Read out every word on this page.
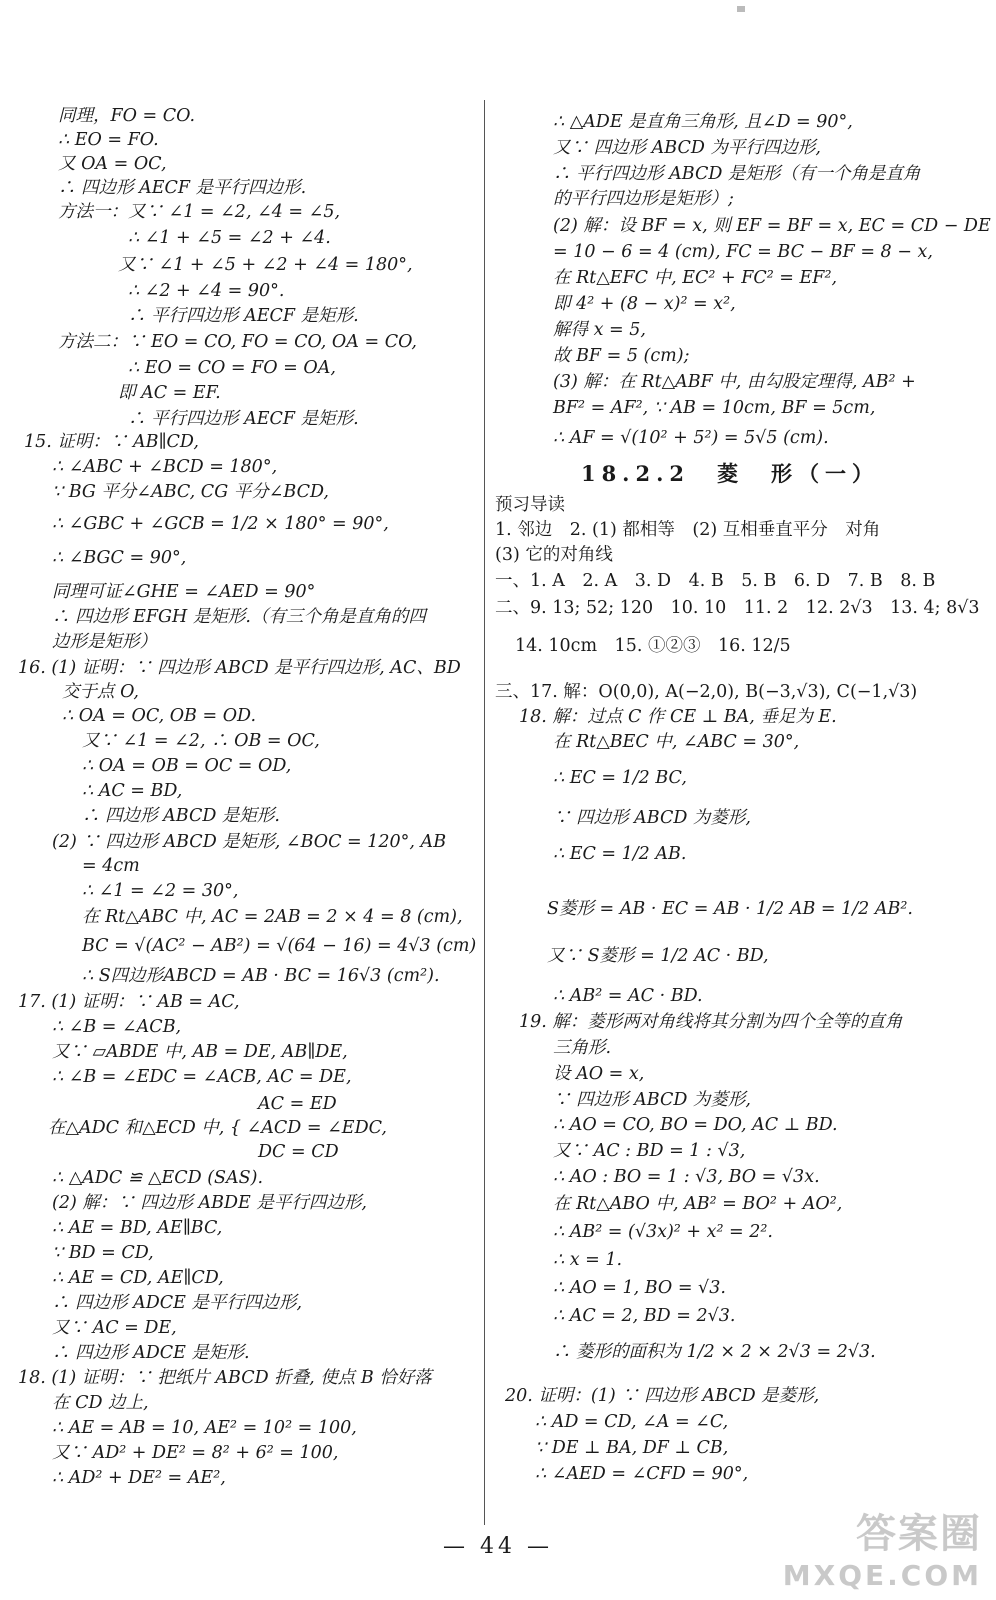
同理，FO = CO.
∴ EO = FO.
又 OA = OC,
∴ 四边形 AECF 是平行四边形.
方法一：又∵ ∠1 = ∠2, ∠4 = ∠5,
∴ ∠1 + ∠5 = ∠2 + ∠4.
又∵ ∠1 + ∠5 + ∠2 + ∠4 = 180°,
∴ ∠2 + ∠4 = 90°.
∴ 平行四边形 AECF 是矩形.
方法二：∵ EO = CO, FO = CO, OA = CO,
∴ EO = CO = FO = OA,
即 AC = EF.
∴ 平行四边形 AECF 是矩形.
15. 证明：∵ AB∥CD,
∴ ∠ABC + ∠BCD = 180°,
∵ BG 平分∠ABC, CG 平分∠BCD,
∴ ∠GBC + ∠GCB = 1/2 × 180° = 90°,
∴ ∠BGC = 90°,
同理可证∠GHE = ∠AED = 90°
∴ 四边形 EFGH 是矩形.（有三个角是直角的四
边形是矩形）
16. (1) 证明：∵ 四边形 ABCD 是平行四边形, AC、BD
交于点 O,
∴ OA = OC, OB = OD.
又∵ ∠1 = ∠2, ∴ OB = OC,
∴ OA = OB = OC = OD,
∴ AC = BD,
∴ 四边形 ABCD 是矩形.
(2) ∵ 四边形 ABCD 是矩形, ∠BOC = 120°, AB
= 4cm
∴ ∠1 = ∠2 = 30°,
在 Rt△ABC 中, AC = 2AB = 2 × 4 = 8 (cm),
BC = √(AC² − AB²) = √(64 − 16) = 4√3 (cm)
∴ S四边形ABCD = AB · BC = 16√3 (cm²).
17. (1) 证明：∵ AB = AC,
∴ ∠B = ∠ACB,
又∵ ▱ABDE 中, AB = DE, AB∥DE,
∴ ∠B = ∠EDC = ∠ACB, AC = DE,
AC = ED
在△ADC 和△ECD 中, { ∠ACD = ∠EDC,
DC = CD
∴ △ADC ≌ △ECD (SAS).
(2) 解：∵ 四边形 ABDE 是平行四边形,
∴ AE = BD, AE∥BC,
∵ BD = CD,
∴ AE = CD, AE∥CD,
∴ 四边形 ADCE 是平行四边形,
又∵ AC = DE,
∴ 四边形 ADCE 是矩形.
18. (1) 证明：∵ 把纸片 ABCD 折叠, 使点 B 恰好落
在 CD 边上,
∴ AE = AB = 10, AE² = 10² = 100,
又∵ AD² + DE² = 8² + 6² = 100,
∴ AD² + DE² = AE²,
∴ △ADE 是直角三角形, 且∠D = 90°,
又∵ 四边形 ABCD 为平行四边形,
∴ 平行四边形 ABCD 是矩形（有一个角是直角
的平行四边形是矩形）;
(2) 解：设 BF = x, 则 EF = BF = x, EC = CD − DE
= 10 − 6 = 4 (cm), FC = BC − BF = 8 − x,
在 Rt△EFC 中, EC² + FC² = EF²,
即 4² + (8 − x)² = x²,
解得 x = 5,
故 BF = 5 (cm);
(3) 解：在 Rt△ABF 中, 由勾股定理得, AB² +
BF² = AF², ∵ AB = 10cm, BF = 5cm,
∴ AF = √(10² + 5²) = 5√5 (cm).
18.2.2　菱　形（一）
预习导读
1. 邻边　2. (1) 都相等　(2) 互相垂直平分　对角
(3) 它的对角线
一、1. A　2. A　3. D　4. B　5. B　6. D　7. B　8. B
二、9. 13; 52; 120　10. 10　11. 2　12. 2√3　13. 4; 8√3
14. 10cm　15. ①②③　16. 12/5
三、17. 解：O(0,0), A(−2,0), B(−3,√3), C(−1,√3)
18. 解：过点 C 作 CE ⊥ BA, 垂足为 E.
在 Rt△BEC 中, ∠ABC = 30°,
∴ EC = 1/2 BC,
∵ 四边形 ABCD 为菱形,
∴ EC = 1/2 AB.
S菱形 = AB · EC = AB · 1/2 AB = 1/2 AB².
又∵ S菱形 = 1/2 AC · BD,
∴ AB² = AC · BD.
19. 解：菱形两对角线将其分割为四个全等的直角
三角形.
设 AO = x,
∵ 四边形 ABCD 为菱形,
∴ AO = CO, BO = DO, AC ⊥ BD.
又∵ AC : BD = 1 : √3,
∴ AO : BO = 1 : √3, BO = √3x.
在 Rt△ABO 中, AB² = BO² + AO²,
∴ AB² = (√3x)² + x² = 2².
∴ x = 1.
∴ AO = 1, BO = √3.
∴ AC = 2, BD = 2√3.
∴ 菱形的面积为 1/2 × 2 × 2√3 = 2√3.
20. 证明：(1) ∵ 四边形 ABCD 是菱形,
∴ AD = CD, ∠A = ∠C,
∵ DE ⊥ BA, DF ⊥ CB,
∴ ∠AED = ∠CFD = 90°,
— 44 —	答案圈
MXQE.COM
